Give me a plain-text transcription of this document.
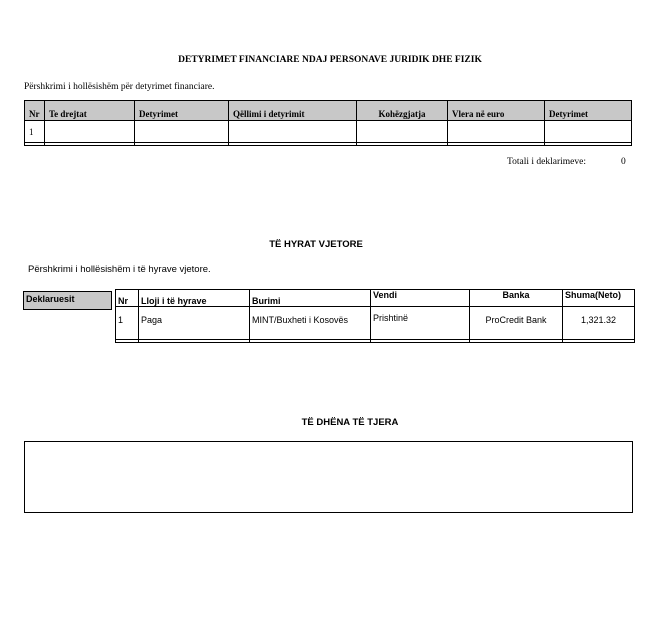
DETYRIMET FINANCIARE NDAJ PERSONAVE JURIDIK DHE FIZIK
Përshkrimi i hollësishëm për detyrimet financiare.
Nr	Te drejtat	Detyrimet	Qëllimi i detyrimit	Kohëzgjatja	Vlera në euro	Detyrimet
1						

Totali i deklarimeve:	0
TË HYRAT VJETORE
Përshkrimi i hollësishëm i të hyrave vjetore.
Deklaruesit	Nr	Lloji i të hyrave	Burimi	Vendi	Banka	Shuma(Neto)
1	Paga	MINT/Buxheti i Kosovës	Prishtinë	ProCredit Bank	1,321.32

TË DHËNA TË TJERA
